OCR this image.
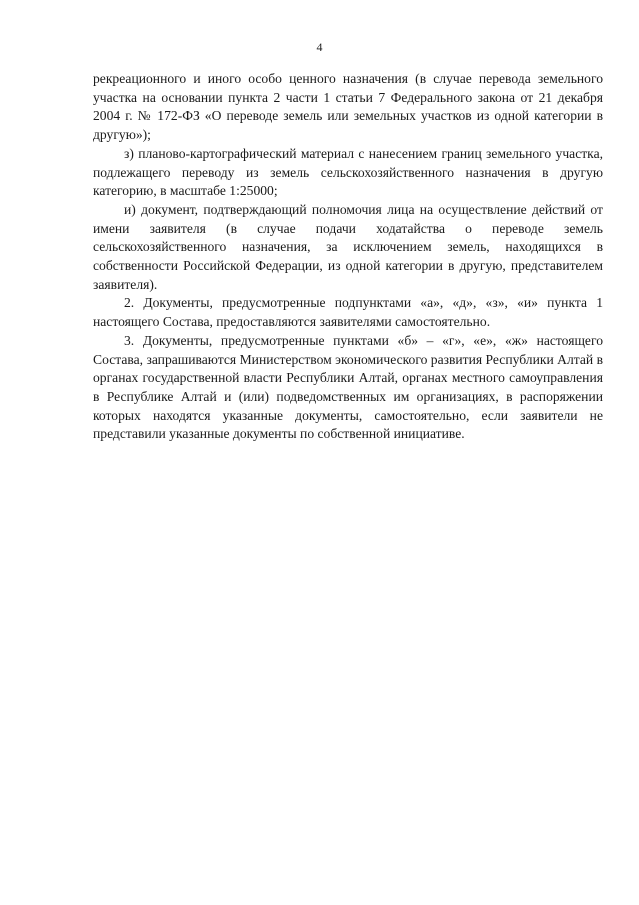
4

рекреационного и иного особо ценного назначения (в случае перевода земельного участка на основании пункта 2 части 1 статьи 7 Федерального закона от 21 декабря 2004 г. № 172-ФЗ «О переводе земель или земельных участков из одной категории в другую»);

з) планово-картографический материал с нанесением границ земельного участка, подлежащего переводу из земель сельскохозяйственного назначения в другую категорию, в масштабе 1:25000;

и) документ, подтверждающий полномочия лица на осуществление действий от имени заявителя (в случае подачи ходатайства о переводе земель сельскохозяйственного назначения, за исключением земель, находящихся в собственности Российской Федерации, из одной категории в другую, представителем заявителя).

2. Документы, предусмотренные подпунктами «а», «д», «з», «и» пункта 1 настоящего Состава, предоставляются заявителями самостоятельно.

3. Документы, предусмотренные пунктами «б» – «г», «е», «ж» настоящего Состава, запрашиваются Министерством экономического развития Республики Алтай в органах государственной власти Республики Алтай, органах местного самоуправления в Республике Алтай и (или) подведомственных им организациях, в распоряжении которых находятся указанные документы, самостоятельно, если заявители не представили указанные документы по собственной инициативе.
